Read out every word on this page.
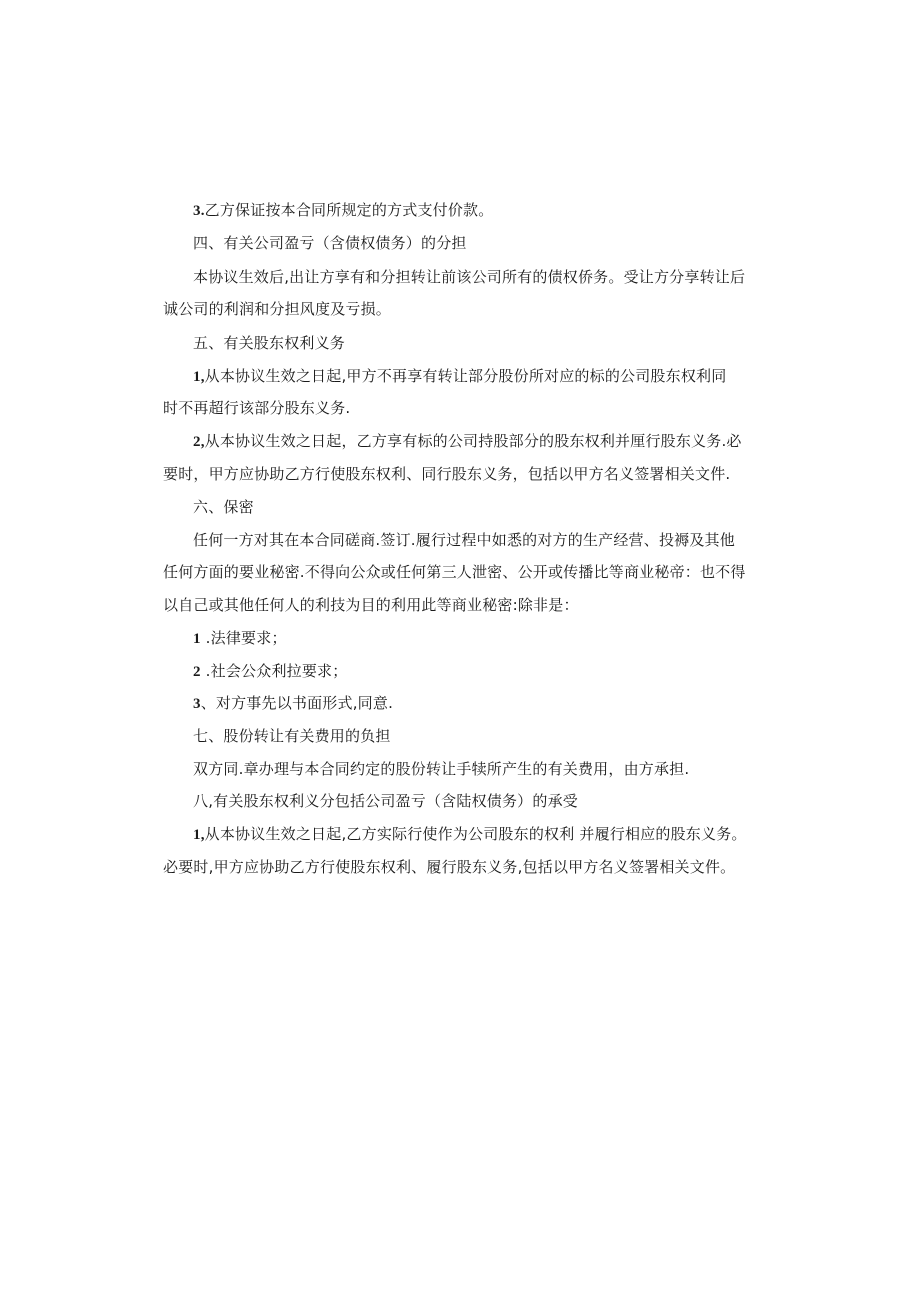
3.乙方保证按本合同所规定的方式支付价款。
四、有关公司盈亏（含债权债务）的分担
本协议生效后,出让方享有和分担转让前该公司所有的债权侨务。受让方分享转让后
诚公司的利润和分担风度及亏损。
五、有关股东权利义务
1,从本协议生效之日起,甲方不再享有转让部分股份所对应的标的公司股东权利同
时不再超行该部分股东义务.
2,从本协议生效之日起，乙方享有标的公司持股部分的股东权利并厘行股东义务.必
要时，甲方应协助乙方行使股东权利、同行股东义务，包括以甲方名义签署相关文件.
六、保密
任何一方对其在本合同磋商.签订.履行过程中如悉的对方的生产经营、投褥及其他
任何方面的要业秘密.不得向公众或任何第三人泄密、公开或传播比等商业秘帝：也不得
以自己或其他任何人的利技为目的利用此等商业秘密:除非是：
1 .法律要求；
2 .社会公众利拉要求；
3、对方事先以书面形式,同意.
七、股份转让有关费用的负担
双方同.章办理与本合同约定的股份转让手犊所产生的有关费用，由方承担.
八,有关股东权利义分包括公司盈亏（含陆权债务）的承受
1,从本协议生效之日起,乙方实际行使作为公司股东的权利 并履行相应的股东义务。
必要时,甲方应协助乙方行使股东权利、履行股东义务,包括以甲方名义签署相关文件。
